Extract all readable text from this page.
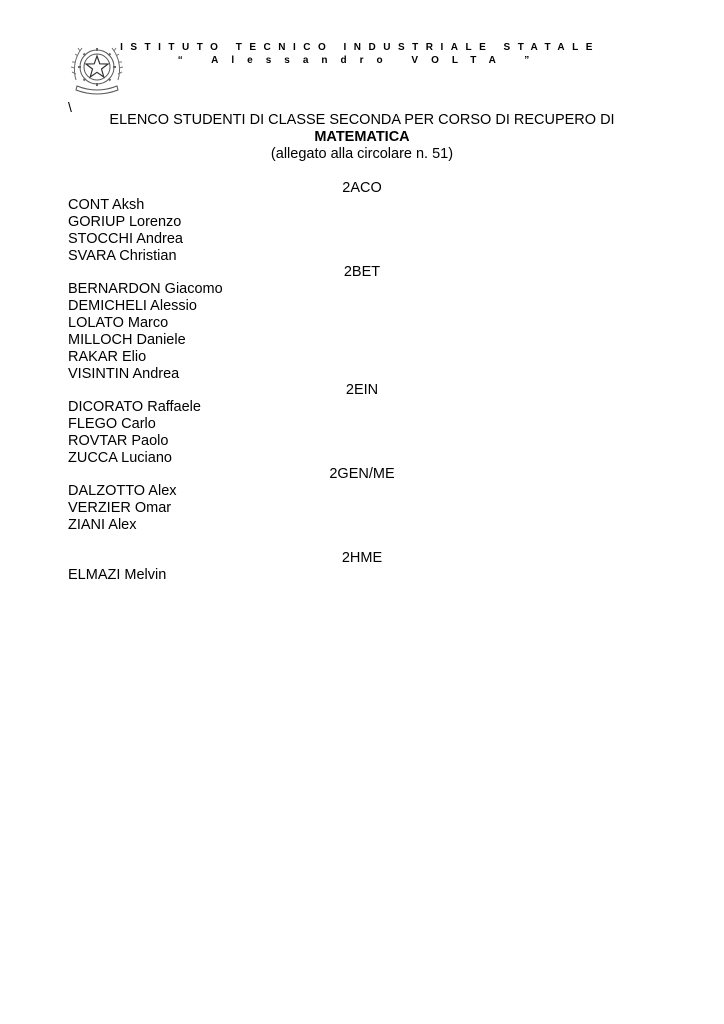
ISTITUTO TECNICO INDUSTRIALE STATALE
“ Alessandro VOLTA ”
\
ELENCO STUDENTI DI CLASSE SECONDA PER CORSO DI RECUPERO DI
MATEMATICA
(allegato alla circolare n. 51)
2ACO
CONT Aksh
GORIUP Lorenzo
STOCCHI Andrea
SVARA Christian
2BET
BERNARDON Giacomo
DEMICHELI Alessio
LOLATO Marco
MILLOCH Daniele
RAKAR Elio
VISINTIN Andrea
2EIN
DICORATO Raffaele
FLEGO Carlo
ROVTAR Paolo
ZUCCA Luciano
2GEN/ME
DALZOTTO Alex
VERZIER Omar
ZIANI Alex
2HME
ELMAZI Melvin
